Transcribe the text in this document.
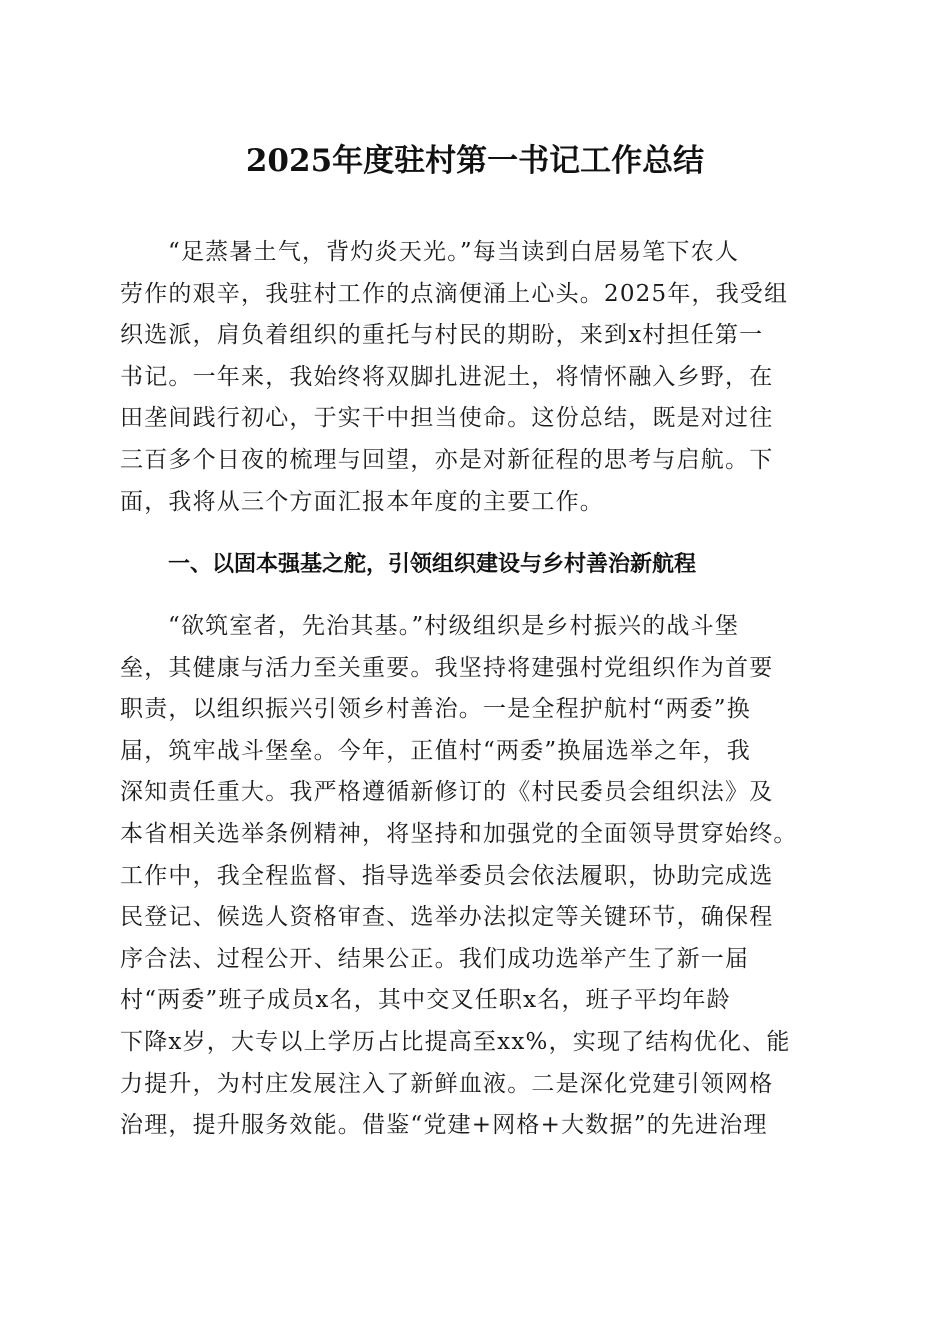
2025年度驻村第一书记工作总结
“足蒸暑土气，背灼炎天光。”每当读到白居易笔下农人
劳作的艰辛，我驻村工作的点滴便涌上心头。2025年，我受组
织选派，肩负着组织的重托与村民的期盼，来到x村担任第一
书记。一年来，我始终将双脚扎进泥土，将情怀融入乡野，在
田垄间践行初心，于实干中担当使命。这份总结，既是对过往
三百多个日夜的梳理与回望，亦是对新征程的思考与启航。下
面，我将从三个方面汇报本年度的主要工作。
一、以固本强基之舵，引领组织建设与乡村善治新航程
“欲筑室者，先治其基。”村级组织是乡村振兴的战斗堡
垒，其健康与活力至关重要。我坚持将建强村党组织作为首要
职责，以组织振兴引领乡村善治。一是全程护航村“两委”换
届，筑牢战斗堡垒。今年，正值村“两委”换届选举之年，我
深知责任重大。我严格遵循新修订的《村民委员会组织法》及
本省相关选举条例精神，将坚持和加强党的全面领导贯穿始终。
工作中，我全程监督、指导选举委员会依法履职，协助完成选
民登记、候选人资格审查、选举办法拟定等关键环节，确保程
序合法、过程公开、结果公正。我们成功选举产生了新一届
村“两委”班子成员x名，其中交叉任职x名，班子平均年龄
下降x岁，大专以上学历占比提高至xx%，实现了结构优化、能
力提升，为村庄发展注入了新鲜血液。二是深化党建引领网格
治理，提升服务效能。借鉴“党建+网格+大数据”的先进治理
